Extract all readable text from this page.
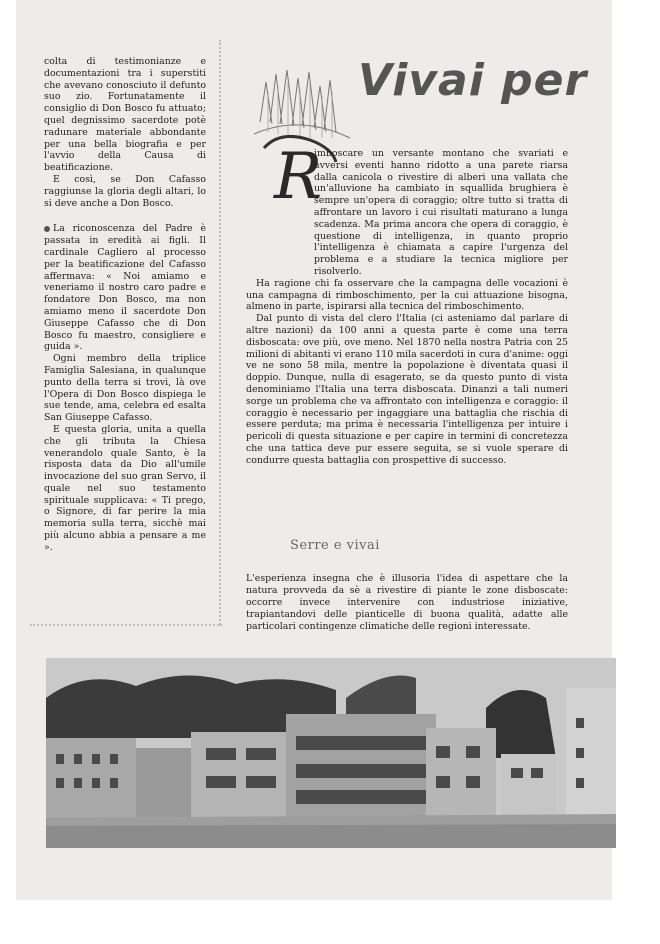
colta di testimonianze e documentazioni tra i superstiti che avevano conosciuto il defunto suo zio. Fortunatamente il consiglio di Don Bosco fu attuato; quel degnissimo sacerdote potè radunare materiale abbondante per una bella biografia e per l'avvio della Causa di beatificazione.

E così, se Don Cafasso raggiunse la gloria degli altari, lo si deve anche a Don Bosco.

La riconoscenza del Padre è passata in eredità ai figli. Il cardinale Cagliero al processo per la beatificazione del Cafasso affermava: « Noi amiamo e veneriamo il nostro caro padre e fondatore Don Bosco, ma non amiamo meno il sacerdote Don Giuseppe Cafasso che di Don Bosco fu maestro, consigliere e guida ».

Ogni membro della triplice Famiglia Salesiana, in qualunque punto della terra si trovi, là ove l'Opera di Don Bosco dispiega le sue tende, ama, celebra ed esalta San Giuseppe Cafasso.

E questa gloria, unita a quella che gli tributa la Chiesa venerandolo quale Santo, è la risposta data da Dio all'umile invocazione del suo gran Servo, il quale nel suo testamento spirituale supplicava: « Ti prego, o Signore, di far perire la mia memoria sulla terra, sicchè mai più alcuno abbia a pensare a me ».

R
Vivai per

imboscare un versante montano che svariati e avversi eventi hanno ridotto a una parete riarsa dalla canicola o rivestire di alberi una vallata che un'alluvione ha cambiato in squallida brughiera è sempre un'opera di coraggio; oltre tutto si tratta di affrontare un lavoro i cui risultati maturano a lunga scadenza. Ma prima ancora che opera di coraggio, è questione di intelligenza, in quanto proprio l'intelligenza è chiamata a capire l'urgenza del problema e a studiare la tecnica migliore per risolverlo.

Ha ragione chi fa osservare che la campagna delle vocazioni è una campagna di rimboschimento, per la cui attuazione bisogna, almeno in parte, ispirarsi alla tecnica del rimboschimento.

Dal punto di vista del clero l'Italia (ci asteniamo dal parlare di altre nazioni) da 100 anni a questa parte è come una terra disboscata: ove più, ove meno. Nel 1870 nella nostra Patria con 25 milioni di abitanti vi erano 110 mila sacerdoti in cura d'anime: oggi ve ne sono 58 mila, mentre la popolazione è diventata quasi il doppio. Dunque, nulla di esagerato, se da questo punto di vista denominiamo l'Italia una terra disboscata. Dinanzi a tali numeri sorge un problema che va affrontato con intelligenza e coraggio: il coraggio è necessario per ingaggiare una battaglia che rischia di essere perduta; ma prima è necessaria l'intelligenza per intuire i pericoli di questa situazione e per capire in termini di concretezza che una tattica deve pur essere seguita, se si vuole sperare di condurre questa battaglia con prospettive di successo.

Serre e vivai

L'esperienza insegna che è illusoria l'idea di aspettare che la natura provveda da sè a rivestire di piante le zone disboscate: occorre invece intervenire con industriose iniziative, trapiantandovi delle pianticelle di buona qualità, adatte alle particolari contingenze climatiche delle regioni interessate.
